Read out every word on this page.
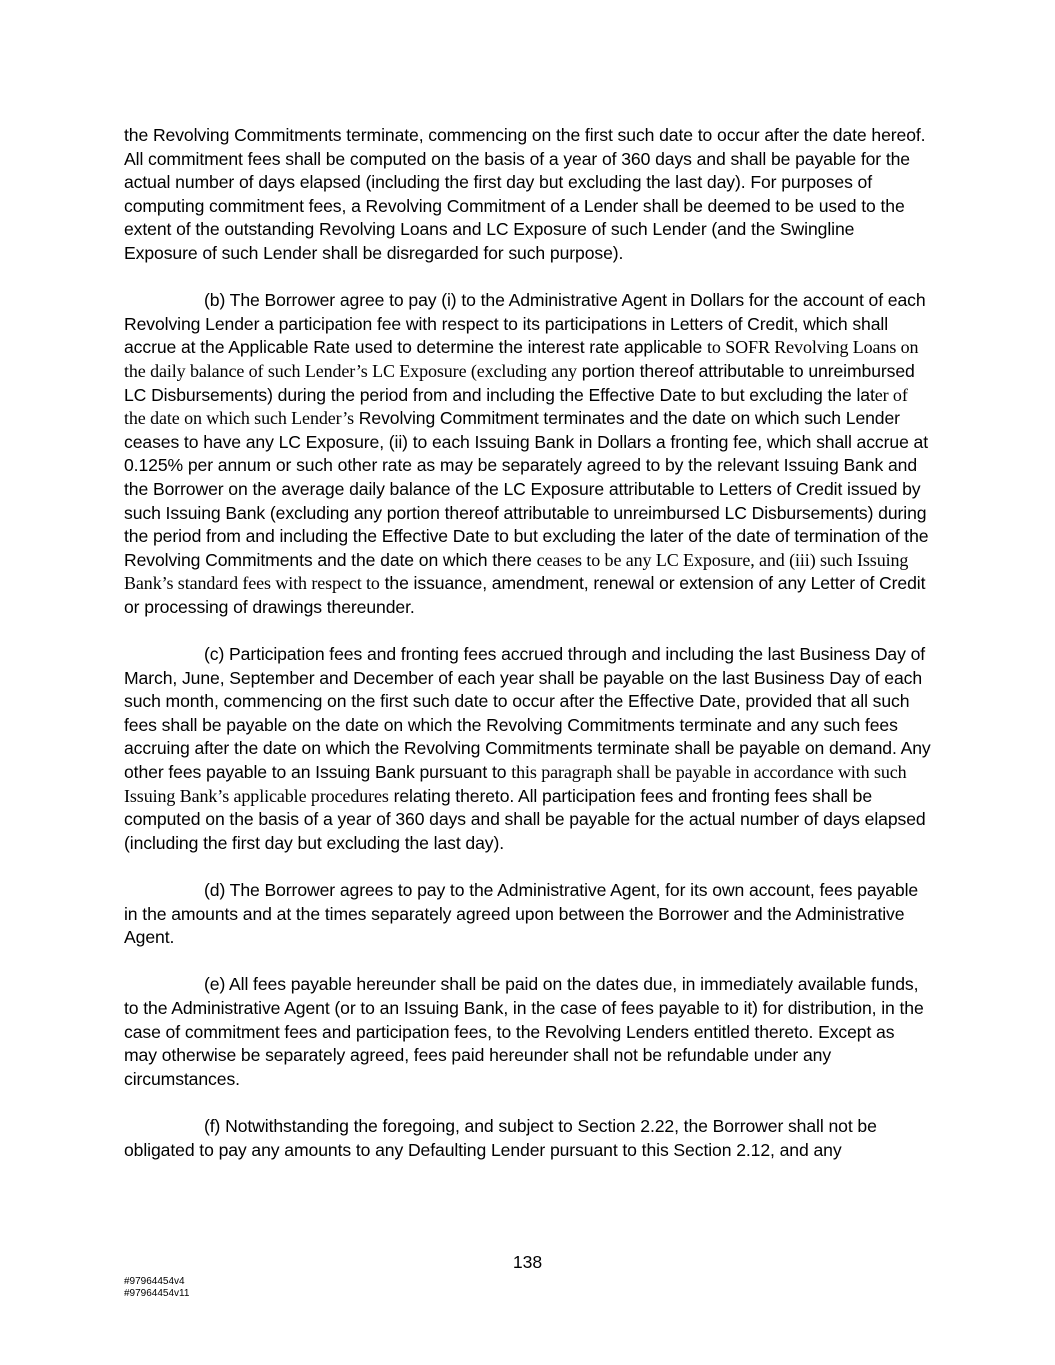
the Revolving Commitments terminate, commencing on the first such date to occur after the date hereof. All commitment fees shall be computed on the basis of a year of 360 days and shall be payable for the actual number of days elapsed (including the first day but excluding the last day). For purposes of computing commitment fees, a Revolving Commitment of a Lender shall be deemed to be used to the extent of the outstanding Revolving Loans and LC Exposure of such Lender (and the Swingline Exposure of such Lender shall be disregarded for such purpose).

(b) The Borrower agree to pay (i) to the Administrative Agent in Dollars for the account of each Revolving Lender a participation fee with respect to its participations in Letters of Credit, which shall accrue at the Applicable Rate used to determine the interest rate applicable to SOFR Revolving Loans on the daily balance of such Lender’s LC Exposure (excluding any portion thereof attributable to unreimbursed LC Disbursements) during the period from and including the Effective Date to but excluding the later of the date on which such Lender’s Revolving Commitment terminates and the date on which such Lender ceases to have any LC Exposure, (ii) to each Issuing Bank in Dollars a fronting fee, which shall accrue at 0.125% per annum or such other rate as may be separately agreed to by the relevant Issuing Bank and the Borrower on the average daily balance of the LC Exposure attributable to Letters of Credit issued by such Issuing Bank (excluding any portion thereof attributable to unreimbursed LC Disbursements) during the period from and including the Effective Date to but excluding the later of the date of termination of the Revolving Commitments and the date on which there ceases to be any LC Exposure, and (iii) such Issuing Bank’s standard fees with respect to the issuance, amendment, renewal or extension of any Letter of Credit or processing of drawings thereunder.

(c) Participation fees and fronting fees accrued through and including the last Business Day of March, June, September and December of each year shall be payable on the last Business Day of each such month, commencing on the first such date to occur after the Effective Date, provided that all such fees shall be payable on the date on which the Revolving Commitments terminate and any such fees accruing after the date on which the Revolving Commitments terminate shall be payable on demand. Any other fees payable to an Issuing Bank pursuant to this paragraph shall be payable in accordance with such Issuing Bank’s applicable procedures relating thereto. All participation fees and fronting fees shall be computed on the basis of a year of 360 days and shall be payable for the actual number of days elapsed (including the first day but excluding the last day).

(d) The Borrower agrees to pay to the Administrative Agent, for its own account, fees payable in the amounts and at the times separately agreed upon between the Borrower and the Administrative Agent.

(e) All fees payable hereunder shall be paid on the dates due, in immediately available funds, to the Administrative Agent (or to an Issuing Bank, in the case of fees payable to it) for distribution, in the case of commitment fees and participation fees, to the Revolving Lenders entitled thereto. Except as may otherwise be separately agreed, fees paid hereunder shall not be refundable under any circumstances.

(f) Notwithstanding the foregoing, and subject to Section 2.22, the Borrower shall not be obligated to pay any amounts to any Defaulting Lender pursuant to this Section 2.12, and any

138
#97964454v4
#97964454v11
